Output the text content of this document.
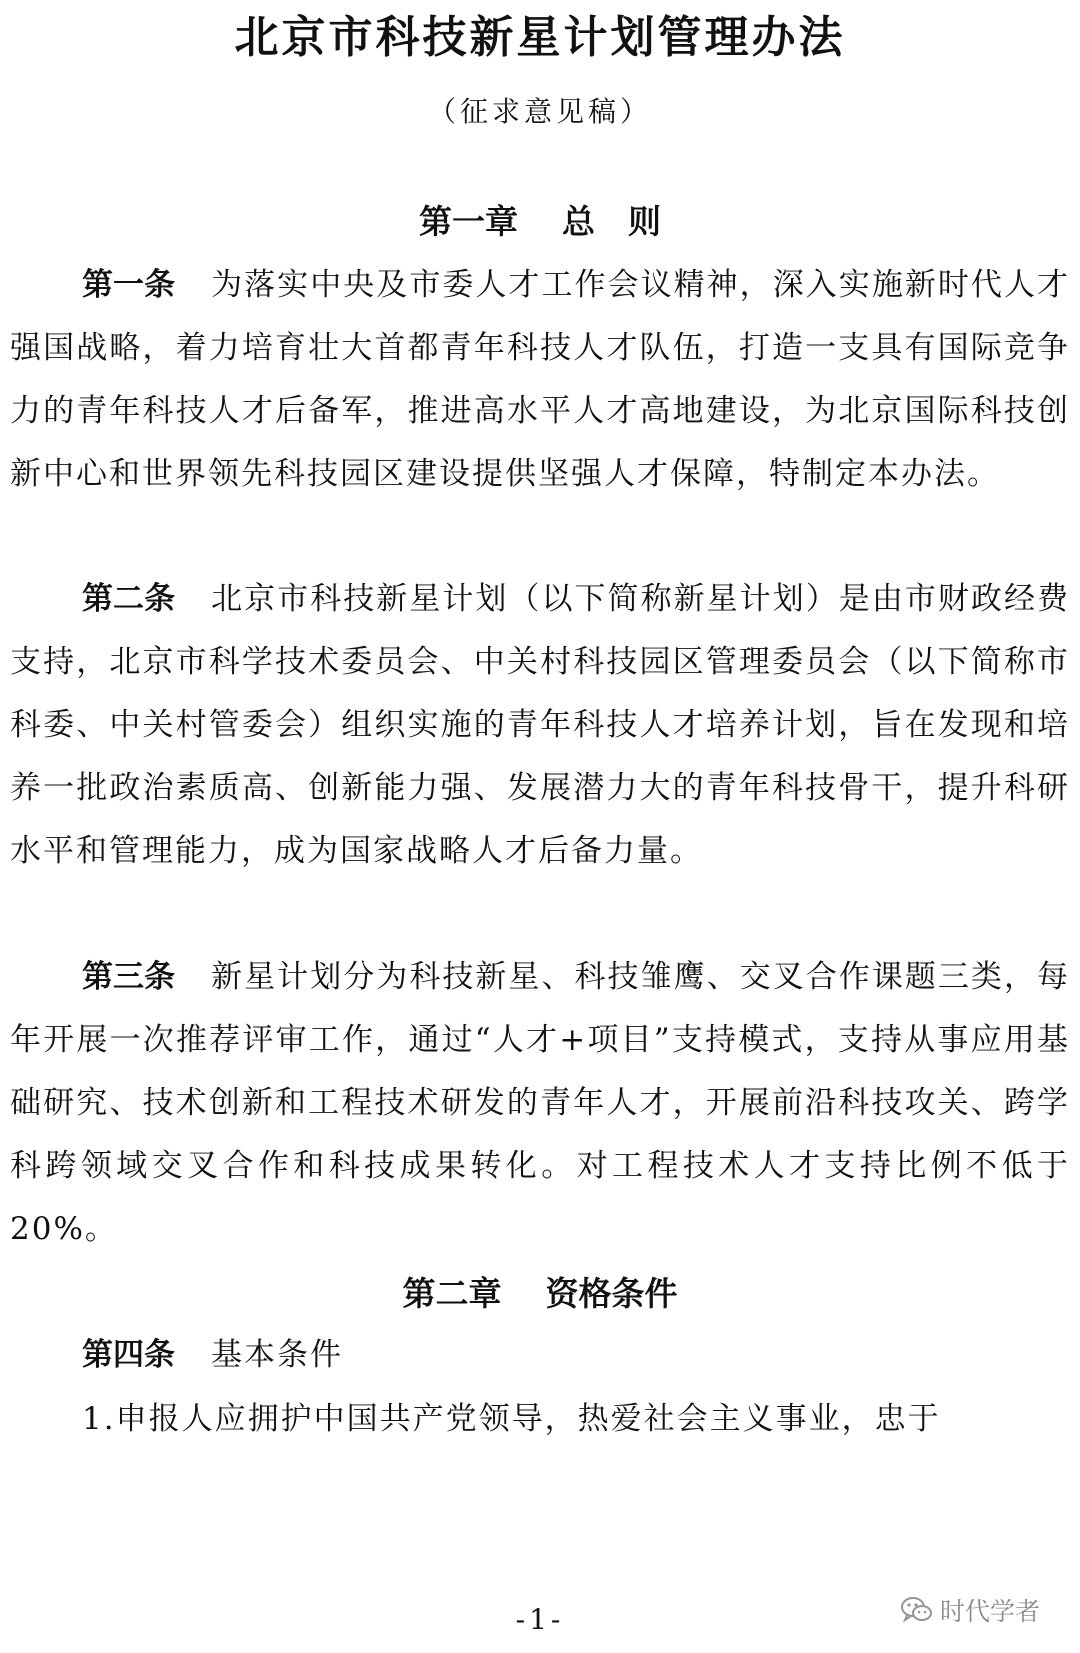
北京市科技新星计划管理办法
（征求意见稿）
第一章 总　则
第一条 为落实中央及市委人才工作会议精神，深入实施新时代人才强国战略，着力培育壮大首都青年科技人才队伍，打造一支具有国际竞争力的青年科技人才后备军，推进高水平人才高地建设，为北京国际科技创新中心和世界领先科技园区建设提供坚强人才保障，特制定本办法。
第二条 北京市科技新星计划（以下简称新星计划）是由市财政经费支持，北京市科学技术委员会、中关村科技园区管理委员会（以下简称市科委、中关村管委会）组织实施的青年科技人才培养计划，旨在发现和培养一批政治素质高、创新能力强、发展潜力大的青年科技骨干，提升科研水平和管理能力，成为国家战略人才后备力量。
第三条 新星计划分为科技新星、科技雏鹰、交叉合作课题三类，每年开展一次推荐评审工作，通过“人才+项目”支持模式，支持从事应用基础研究、技术创新和工程技术研发的青年人才，开展前沿科技攻关、跨学科跨领域交叉合作和科技成果转化。对工程技术人才支持比例不低于20%。
第二章 资格条件
第四条 基本条件
1.申报人应拥护中国共产党领导，热爱社会主义事业，忠于
-1-	时代学者
